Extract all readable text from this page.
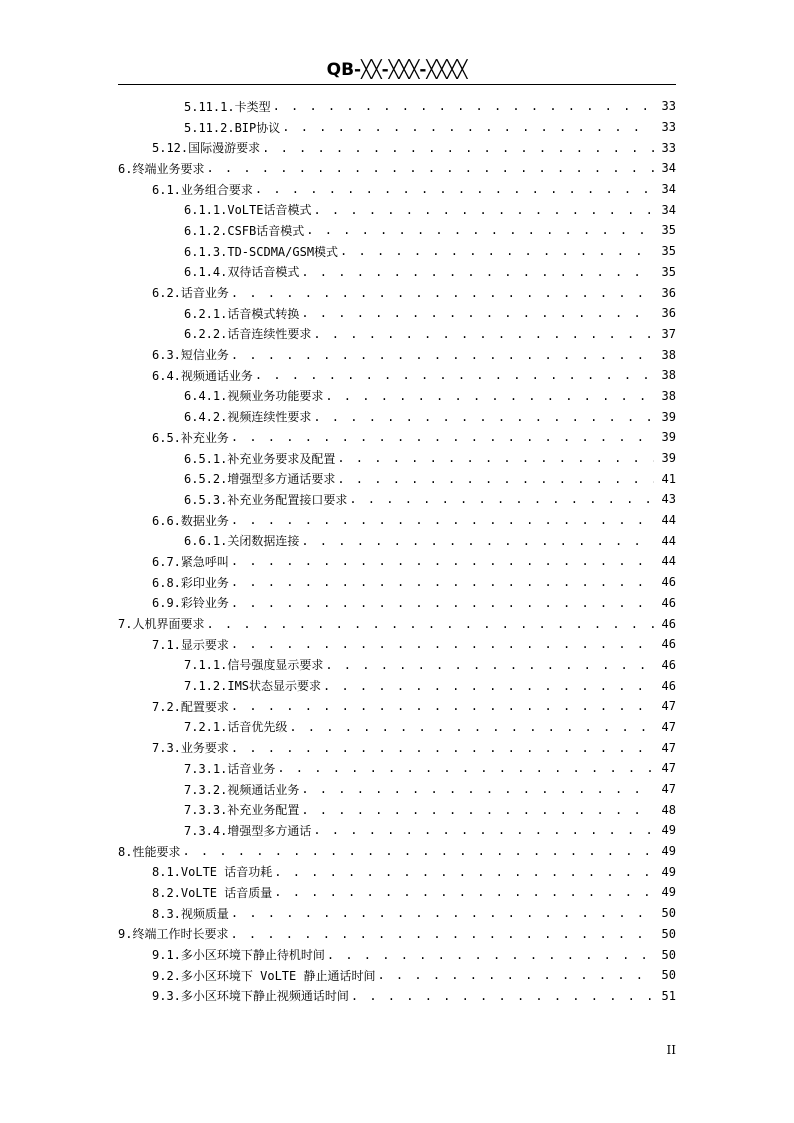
QB-╳╳-╳╳╳-╳╳╳╳
5.11.1.卡类型 . . .	33
5.11.2.BIP协议 . . .	33
5.12.国际漫游要求 . . .	33
6.终端业务要求 . . .	34
6.1.业务组合要求 . . .	34
6.1.1.VoLTE话音模式 . . .	34
6.1.2.CSFB话音模式 . . .	35
6.1.3.TD-SCDMA/GSM模式 . . .	35
6.1.4.双待话音模式 . . .	35
6.2.话音业务 . . .	36
6.2.1.话音模式转换 . . .	36
6.2.2.话音连续性要求 . . .	37
6.3.短信业务 . . .	38
6.4.视频通话业务 . . .	38
6.4.1.视频业务功能要求 . . .	38
6.4.2.视频连续性要求 . . .	39
6.5.补充业务 . . .	39
6.5.1.补充业务要求及配置 . . .	39
6.5.2.增强型多方通话要求 . . .	41
6.5.3.补充业务配置接口要求 . . .	43
6.6.数据业务 . . .	44
6.6.1.关闭数据连接 . . .	44
6.7.紧急呼叫 . . .	44
6.8.彩印业务 . . .	46
6.9.彩铃业务 . . .	46
7.人机界面要求 . . .	46
7.1.显示要求 . . .	46
7.1.1.信号强度显示要求 . . .	46
7.1.2.IMS状态显示要求 . . .	46
7.2.配置要求 . . .	47
7.2.1.话音优先级 . . .	47
7.3.业务要求 . . .	47
7.3.1.话音业务 . . .	47
7.3.2.视频通话业务 . . .	47
7.3.3.补充业务配置 . . .	48
7.3.4.增强型多方通话 . . .	49
8.性能要求 . . .	49
8.1.VoLTE 话音功耗 . . .	49
8.2.VoLTE 话音质量 . . .	49
8.3.视频质量 . . .	50
9.终端工作时长要求 . . .	50
9.1.多小区环境下静止待机时间 . . .	50
9.2.多小区环境下 VoLTE 静止通话时间 . . .	50
9.3.多小区环境下静止视频通话时间 . . .	51
II
